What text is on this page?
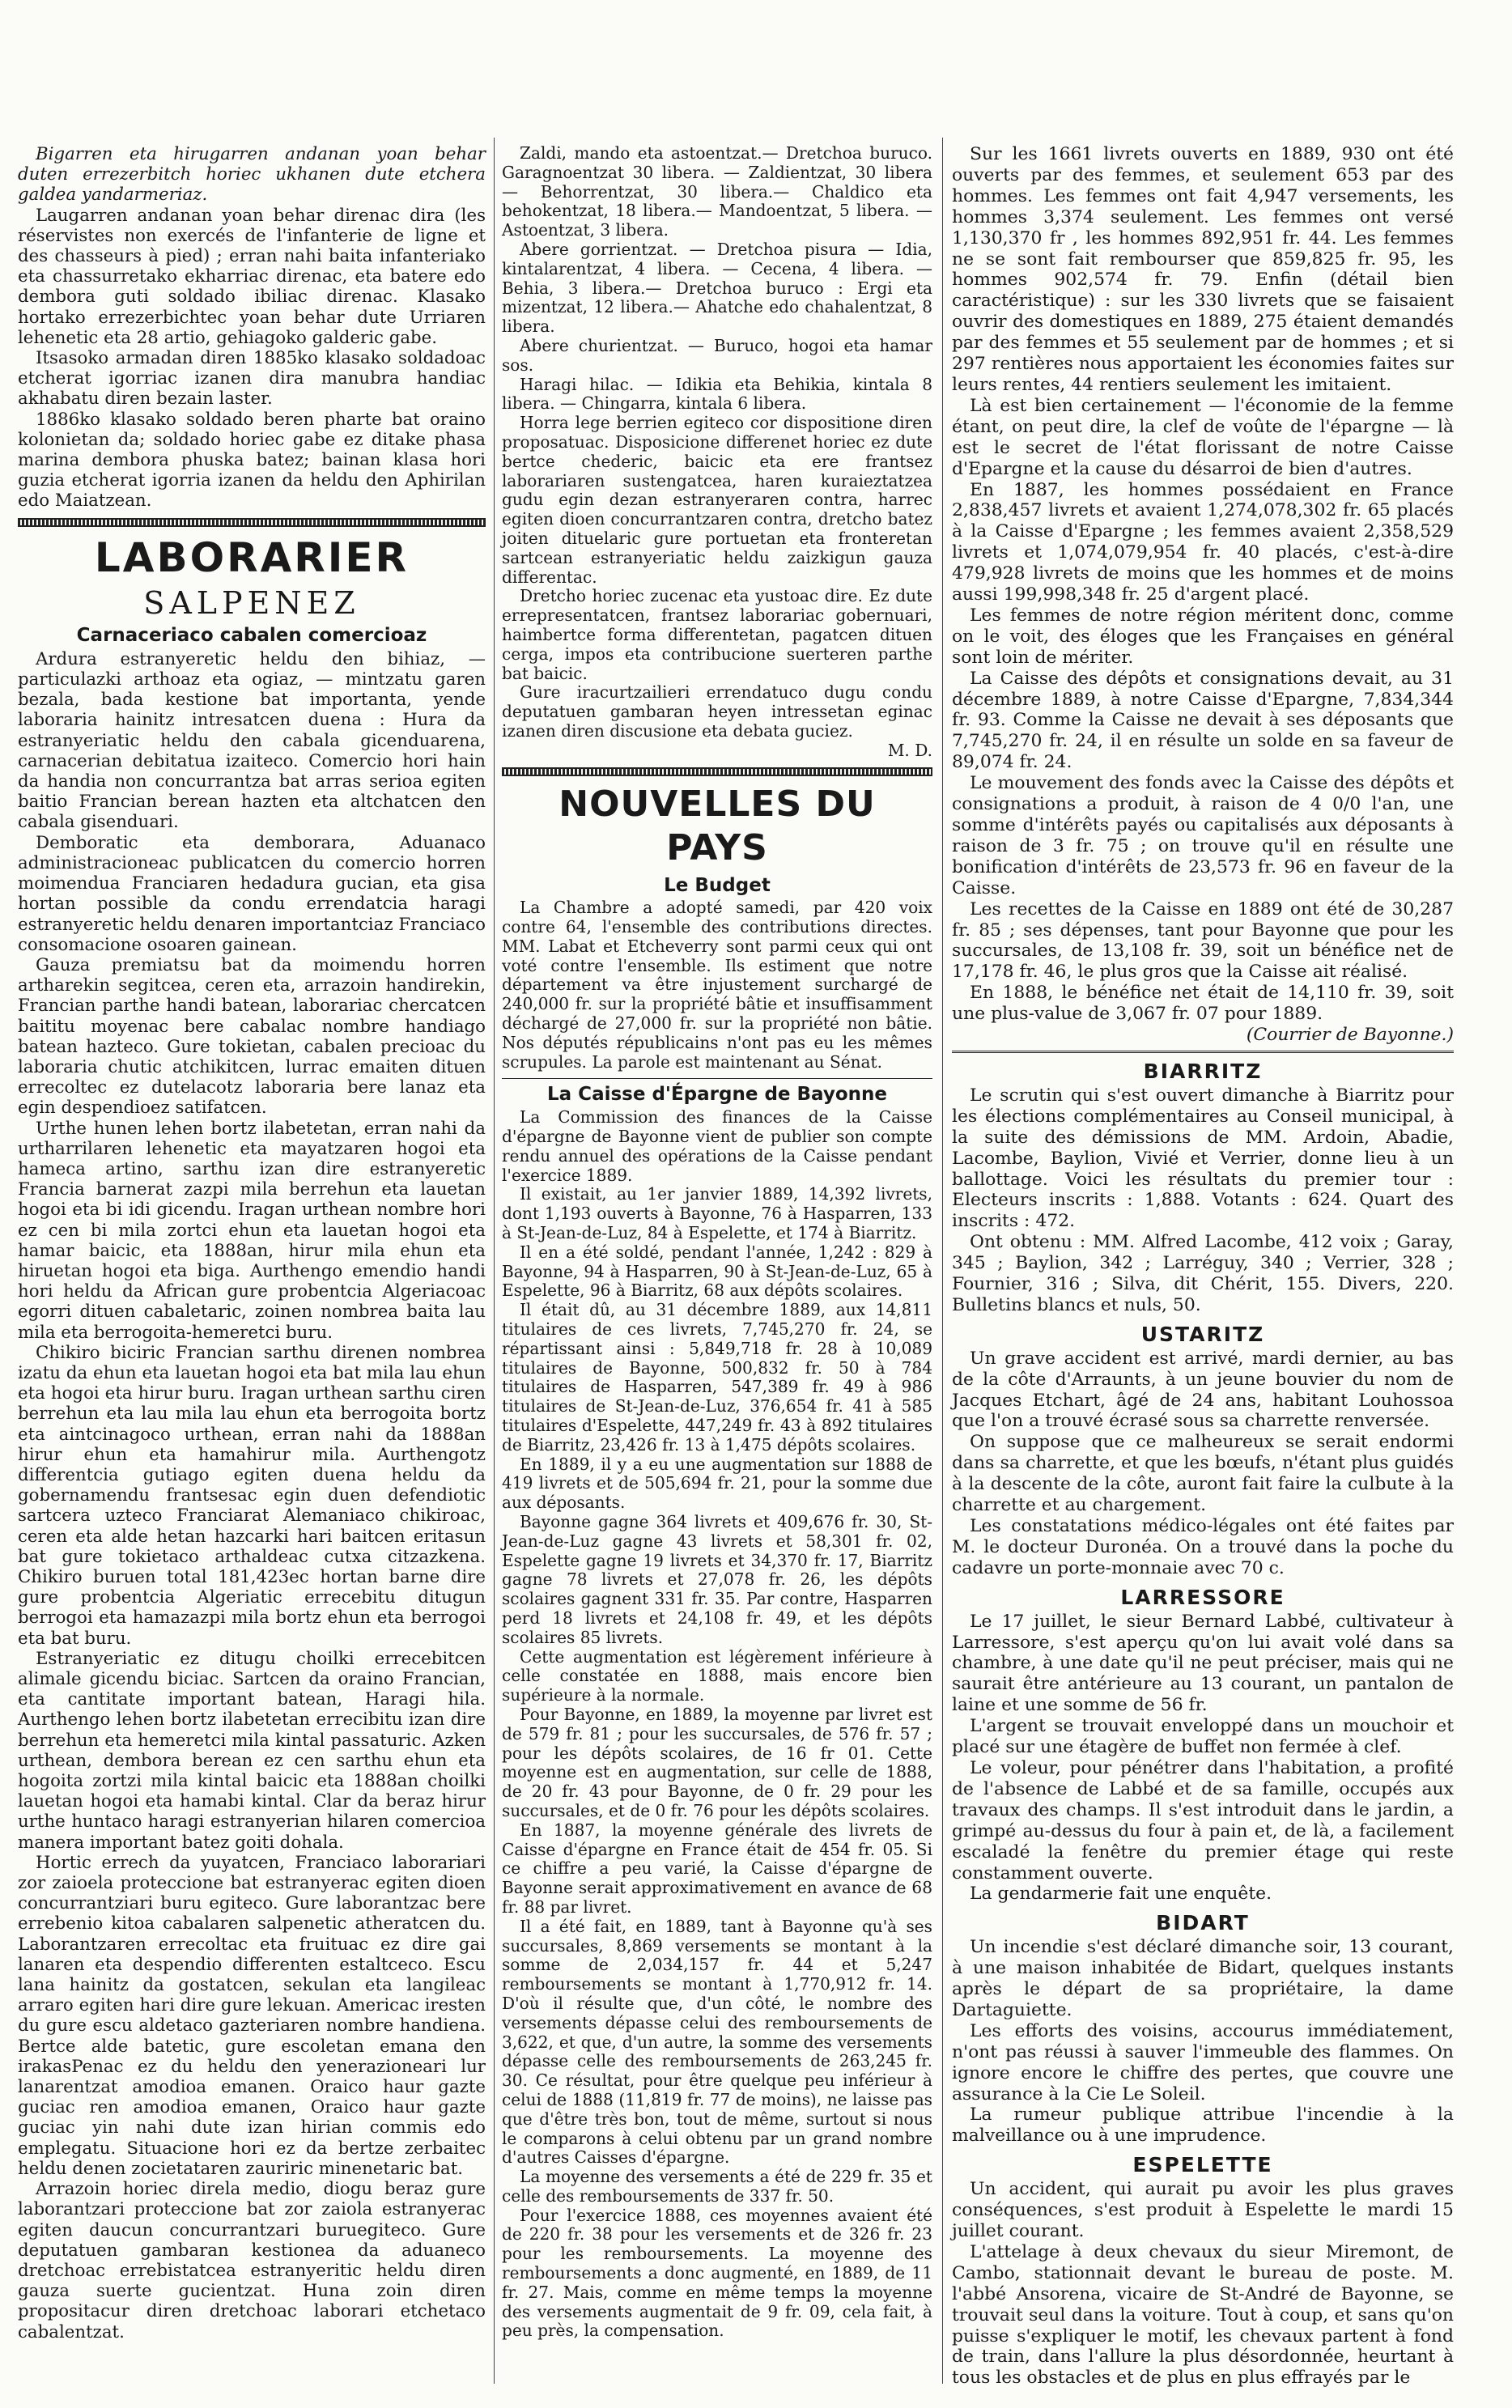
Bigarren eta hirugarren andanan yoan behar duten errezerbitch horiec ukhanen dute etchera galdea yandarmeriaz.

Laugarren andanan yoan behar direnac dira (les réservistes non exercés de l'infanterie de ligne et des chasseurs à pied) ; erran nahi baita infanteriako eta chassurretako ekharriac direnac, eta batere edo dembora guti soldado ibiliac direnac. Klasako hortako errezerbichtec yoan behar dute Urriaren lehenetic eta 28 artio, gehiagoko galderic gabe.

Itsasoko armadan diren 1885ko klasako soldadoac etcherat igorriac izanen dira manubra handiac akhabatu diren bezain laster.

1886ko klasako soldado beren pharte bat oraino kolonietan da; soldado horiec gabe ez ditake phasa marina dembora phuska batez; bainan klasa hori guzia etcherat igorria izanen da heldu den Aphirilan edo Maiatzean.

LABORARIER
SALPENEZ
Carnaceriaco cabalen comercioaz

Ardura estranyeretic heldu den bihiaz, — particulazki arthoaz eta ogiaz, — mintzatu garen bezala, bada kestione bat importanta, yende laboraria hainitz intresatcen duena : Hura da estranyeriatic heldu den cabala gicenduarena, carnacerian debitatua izaiteco. Comercio hori hain da handia non concurrantza bat arras serioa egiten baitio Francian berean hazten eta altchatcen den cabala gisenduari.

Demboratic eta demborara, Aduanaco administracioneac publicatcen du comercio horren moimendua Franciaren hedadura gucian, eta gisa hortan possible da condu errendatcia haragi estranyeretic heldu denaren importantciaz Franciaco consomacione osoaren gainean.

Gauza premiatsu bat da moimendu horren artharekin segitcea, ceren eta, arrazoin handirekin, Francian parthe handi batean, laborariac chercatcen baititu moyenac bere cabalac nombre handiago batean hazteco. Gure tokietan, cabalen precioac du laboraria chutic atchikitcen, lurrac emaiten dituen errecoltec ez dutelacotz laboraria bere lanaz eta egin despendioez satifatcen.

Urthe hunen lehen bortz ilabetetan, erran nahi da urtharrilaren lehenetic eta mayatzaren hogoi eta hameca artino, sarthu izan dire estranyeretic Francia barnerat zazpi mila berrehun eta lauetan hogoi eta bi idi gicendu. Iragan urthean nombre hori ez cen bi mila zortci ehun eta lauetan hogoi eta hamar baicic, eta 1888an, hirur mila ehun eta hiruetan hogoi eta biga. Aurthengo emendio handi hori heldu da African gure probentcia Algeriacoac egorri dituen cabaletaric, zoinen nombrea baita lau mila eta berrogoita-hemeretci buru.

Chikiro biciric Francian sarthu direnen nombrea izatu da ehun eta lauetan hogoi eta bat mila lau ehun eta hogoi eta hirur buru. Iragan urthean sarthu ciren berrehun eta lau mila lau ehun eta berrogoita bortz eta aintcinagoco urthean, erran nahi da 1888an hirur ehun eta hamahirur mila. Aurthengotz differentcia gutiago egiten duena heldu da gobernamendu frantsesac egin duen defendiotic sartcera uzteco Franciarat Alemaniaco chikiroac, ceren eta alde hetan hazcarki hari baitcen eritasun bat gure tokietaco arthaldeac cutxa citzazkena. Chikiro buruen total 181,423ec hortan barne dire gure probentcia Algeriatic errecebitu ditugun berrogoi eta hamazazpi mila bortz ehun eta berrogoi eta bat buru.

Estranyeriatic ez ditugu choilki errecebitcen alimale gicendu biciac. Sartcen da oraino Francian, eta cantitate important batean, Haragi hila. Aurthengo lehen bortz ilabetetan errecibitu izan dire berrehun eta hemeretci mila kintal passaturic. Azken urthean, dembora berean ez cen sarthu ehun eta hogoita zortzi mila kintal baicic eta 1888an choilki lauetan hogoi eta hamabi kintal. Clar da beraz hirur urthe huntaco haragi estranyerian hilaren comercioa manera important batez goiti dohala.

Hortic errech da yuyatcen, Franciaco laborariari zor zaioela proteccione bat estranyerac egiten dioen concurrantziari buru egiteco. Gure laborantzac bere errebenio kitoa cabalaren salpenetic atheratcen du. Laborantzaren errecoltac eta fruituac ez dire gai lanaren eta despendio differenten estaltceco. Escu lana hainitz da gostatcen, sekulan eta langileac arraro egiten hari dire gure lekuan. Americac iresten du gure escu aldetaco gazteriaren nombre handiena. Bertce alde batetic, gure escoletan emana den irakasPenac ez du heldu den yenerazioneari lur lanarentzat amodioa emanen. Oraico haur gazte guciac ren amodioa emanen, Oraico haur gazte guciac yin nahi dute izan hirian commis edo emplegatu. Situacione hori ez da bertze zerbaitec heldu denen zocietataren zauriric minenetaric bat.

Arrazoin horiec direla medio, diogu beraz gure laborantzari proteccione bat zor zaiola estranyerac egiten daucun concurrantzari buruegiteco. Gure deputatuen gambaran kestionea da aduaneco dretchoac errebistatcea estranyeritic heldu diren gauza suerte gucientzat. Huna zoin diren propositacur diren dretchoac laborari etchetaco cabalentzat.

Zaldi, mando eta astoentzat.— Dretchoa buruco. Garagnoentzat 30 libera. — Zaldientzat, 30 libera — Behorrentzat, 30 libera.— Chaldico eta behokentzat, 18 libera.— Mandoentzat, 5 libera. — Astoentzat, 3 libera.

Abere gorrientzat. — Dretchoa pisura — Idia, kintalarentzat, 4 libera. — Cecena, 4 libera. — Behia, 3 libera.— Dretchoa buruco : Ergi eta mizentzat, 12 libera.— Ahatche edo chahalentzat, 8 libera.

Abere churientzat. — Buruco, hogoi eta hamar sos.

Haragi hilac. — Idikia eta Behikia, kintala 8 libera. — Chingarra, kintala 6 libera.

Horra lege berrien egiteco cor dispositione diren proposatuac. Disposicione differenet horiec ez dute bertce chederic, baicic eta ere frantsez laborariaren sustengatcea, haren kuraieztatzea gudu egin dezan estranyeraren contra, harrec egiten dioen concurrantzaren contra, dretcho batez joiten dituelaric gure portuetan eta fronteretan sartcean estranyeriatic heldu zaizkigun gauza differentac.

Dretcho horiec zucenac eta yustoac dire. Ez dute errepresentatcen, frantsez laborariac gobernuari, haimbertce forma differentetan, pagatcen dituen cerga, impos eta contribucione suerteren parthe bat baicic.

Gure iracurtzailieri errendatuco dugu condu deputatuen gambaran heyen intressetan eginac izanen diren discusione eta debata guciez.

M. D.

NOUVELLES DU PAYS
Le Budget

La Chambre a adopté samedi, par 420 voix contre 64, l'ensemble des contributions directes. MM. Labat et Etcheverry sont parmi ceux qui ont voté contre l'ensemble. Ils estiment que notre département va être injustement surchargé de 240,000 fr. sur la propriété bâtie et insuffisamment déchargé de 27,000 fr. sur la propriété non bâtie. Nos députés républicains n'ont pas eu les mêmes scrupules. La parole est maintenant au Sénat.

La Caisse d'Épargne de Bayonne

La Commission des finances de la Caisse d'épargne de Bayonne vient de publier son compte rendu annuel des opérations de la Caisse pendant l'exercice 1889.

Il existait, au 1er janvier 1889, 14,392 livrets, dont 1,193 ouverts à Bayonne, 76 à Hasparren, 133 à St-Jean-de-Luz, 84 à Espelette, et 174 à Biarritz.

Il en a été soldé, pendant l'année, 1,242 : 829 à Bayonne, 94 à Hasparren, 90 à St-Jean-de-Luz, 65 à Espelette, 96 à Biarritz, 68 aux dépôts scolaires.

Il était dû, au 31 décembre 1889, aux 14,811 titulaires de ces livrets, 7,745,270 fr. 24, se répartissant ainsi : 5,849,718 fr. 28 à 10,089 titulaires de Bayonne, 500,832 fr. 50 à 784 titulaires de Hasparren, 547,389 fr. 49 à 986 titulaires de St-Jean-de-Luz, 376,654 fr. 41 à 585 titulaires d'Espelette, 447,249 fr. 43 à 892 titulaires de Biarritz, 23,426 fr. 13 à 1,475 dépôts scolaires.

En 1889, il y a eu une augmentation sur 1888 de 419 livrets et de 505,694 fr. 21, pour la somme due aux déposants.

Bayonne gagne 364 livrets et 409,676 fr. 30, St-Jean-de-Luz gagne 43 livrets et 58,301 fr. 02, Espelette gagne 19 livrets et 34,370 fr. 17, Biarritz gagne 78 livrets et 27,078 fr. 26, les dépôts scolaires gagnent 331 fr. 35. Par contre, Hasparren perd 18 livrets et 24,108 fr. 49, et les dépôts scolaires 85 livrets.

Cette augmentation est légèrement inférieure à celle constatée en 1888, mais encore bien supérieure à la normale.

Pour Bayonne, en 1889, la moyenne par livret est de 579 fr. 81 ; pour les succursales, de 576 fr. 57 ; pour les dépôts scolaires, de 16 fr 01. Cette moyenne est en augmentation, sur celle de 1888, de 20 fr. 43 pour Bayonne, de 0 fr. 29 pour les succursales, et de 0 fr. 76 pour les dépôts scolaires.

En 1887, la moyenne générale des livrets de Caisse d'épargne en France était de 454 fr. 05. Si ce chiffre a peu varié, la Caisse d'épargne de Bayonne serait approximativement en avance de 68 fr. 88 par livret.

Il a été fait, en 1889, tant à Bayonne qu'à ses succursales, 8,869 versements se montant à la somme de 2,034,157 fr. 44 et 5,247 remboursements se montant à 1,770,912 fr. 14. D'où il résulte que, d'un côté, le nombre des versements dépasse celui des remboursements de 3,622, et que, d'un autre, la somme des versements dépasse celle des remboursements de 263,245 fr. 30. Ce résultat, pour être quelque peu inférieur à celui de 1888 (11,819 fr. 77 de moins), ne laisse pas que d'être très bon, tout de même, surtout si nous le comparons à celui obtenu par un grand nombre d'autres Caisses d'épargne.

La moyenne des versements a été de 229 fr. 35 et celle des remboursements de 337 fr. 50.

Pour l'exercice 1888, ces moyennes avaient été de 220 fr. 38 pour les versements et de 326 fr. 23 pour les remboursements. La moyenne des remboursements a donc augmenté, en 1889, de 11 fr. 27. Mais, comme en même temps la moyenne des versements augmentait de 9 fr. 09, cela fait, à peu près, la compensation.

Sur les 1661 livrets ouverts en 1889, 930 ont été ouverts par des femmes, et seulement 653 par des hommes. Les femmes ont fait 4,947 versements, les hommes 3,374 seulement. Les femmes ont versé 1,130,370 fr , les hommes 892,951 fr. 44. Les femmes ne se sont fait rembourser que 859,825 fr. 95, les hommes 902,574 fr. 79. Enfin (détail bien caractéristique) : sur les 330 livrets que se faisaient ouvrir des domestiques en 1889, 275 étaient demandés par des femmes et 55 seulement par de hommes ; et si 297 rentières nous apportaient les économies faites sur leurs rentes, 44 rentiers seulement les imitaient.

Là est bien certainement — l'économie de la femme étant, on peut dire, la clef de voûte de l'épargne — là est le secret de l'état florissant de notre Caisse d'Epargne et la cause du désarroi de bien d'autres.

En 1887, les hommes possédaient en France 2,838,457 livrets et avaient 1,274,078,302 fr. 65 placés à la Caisse d'Epargne ; les femmes avaient 2,358,529 livrets et 1,074,079,954 fr. 40 placés, c'est-à-dire 479,928 livrets de moins que les hommes et de moins aussi 199,998,348 fr. 25 d'argent placé.

Les femmes de notre région méritent donc, comme on le voit, des éloges que les Françaises en général sont loin de mériter.

La Caisse des dépôts et consignations devait, au 31 décembre 1889, à notre Caisse d'Epargne, 7,834,344 fr. 93. Comme la Caisse ne devait à ses déposants que 7,745,270 fr. 24, il en résulte un solde en sa faveur de 89,074 fr. 24.

Le mouvement des fonds avec la Caisse des dépôts et consignations a produit, à raison de 4 0/0 l'an, une somme d'intérêts payés ou capitalisés aux déposants à raison de 3 fr. 75 ; on trouve qu'il en résulte une bonification d'intérêts de 23,573 fr. 96 en faveur de la Caisse.

Les recettes de la Caisse en 1889 ont été de 30,287 fr. 85 ; ses dépenses, tant pour Bayonne que pour les succursales, de 13,108 fr. 39, soit un bénéfice net de 17,178 fr. 46, le plus gros que la Caisse ait réalisé.

En 1888, le bénéfice net était de 14,110 fr. 39, soit une plus-value de 3,067 fr. 07 pour 1889.

(Courrier de Bayonne.)

BIARRITZ

Le scrutin qui s'est ouvert dimanche à Biarritz pour les élections complémentaires au Conseil municipal, à la suite des démissions de MM. Ardoin, Abadie, Lacombe, Baylion, Vivié et Verrier, donne lieu à un ballottage. Voici les résultats du premier tour : Electeurs inscrits : 1,888. Votants : 624. Quart des inscrits : 472.

Ont obtenu : MM. Alfred Lacombe, 412 voix ; Garay, 345 ; Baylion, 342 ; Larréguy, 340 ; Verrier, 328 ; Fournier, 316 ; Silva, dit Chérit, 155. Divers, 220. Bulletins blancs et nuls, 50.

USTARITZ

Un grave accident est arrivé, mardi dernier, au bas de la côte d'Arraunts, à un jeune bouvier du nom de Jacques Etchart, âgé de 24 ans, habitant Louhossoa que l'on a trouvé écrasé sous sa charrette renversée.

On suppose que ce malheureux se serait endormi dans sa charrette, et que les bœufs, n'étant plus guidés à la descente de la côte, auront fait faire la culbute à la charrette et au chargement.

Les constatations médico-légales ont été faites par M. le docteur Duronéa. On a trouvé dans la poche du cadavre un porte-monnaie avec 70 c.

LARRESSORE

Le 17 juillet, le sieur Bernard Labbé, cultivateur à Larressore, s'est aperçu qu'on lui avait volé dans sa chambre, à une date qu'il ne peut préciser, mais qui ne saurait être antérieure au 13 courant, un pantalon de laine et une somme de 56 fr.

L'argent se trouvait enveloppé dans un mouchoir et placé sur une étagère de buffet non fermée à clef.

Le voleur, pour pénétrer dans l'habitation, a profité de l'absence de Labbé et de sa famille, occupés aux travaux des champs. Il s'est introduit dans le jardin, a grimpé au-dessus du four à pain et, de là, a facilement escaladé la fenêtre du premier étage qui reste constamment ouverte.

La gendarmerie fait une enquête.

BIDART

Un incendie s'est déclaré dimanche soir, 13 courant, à une maison inhabitée de Bidart, quelques instants après le départ de sa propriétaire, la dame Dartaguiette.

Les efforts des voisins, accourus immédiatement, n'ont pas réussi à sauver l'immeuble des flammes. On ignore encore le chiffre des pertes, que couvre une assurance à la Cie Le Soleil.

La rumeur publique attribue l'incendie à la malveillance ou à une imprudence.

ESPELETTE

Un accident, qui aurait pu avoir les plus graves conséquences, s'est produit à Espelette le mardi 15 juillet courant.

L'attelage à deux chevaux du sieur Miremont, de Cambo, stationnait devant le bureau de poste. M. l'abbé Ansorena, vicaire de St-André de Bayonne, se trouvait seul dans la voiture. Tout à coup, et sans qu'on puisse s'expliquer le motif, les chevaux partent à fond de train, dans l'allure la plus désordonnée, heurtant à tous les obstacles et de plus en plus effrayés par le
